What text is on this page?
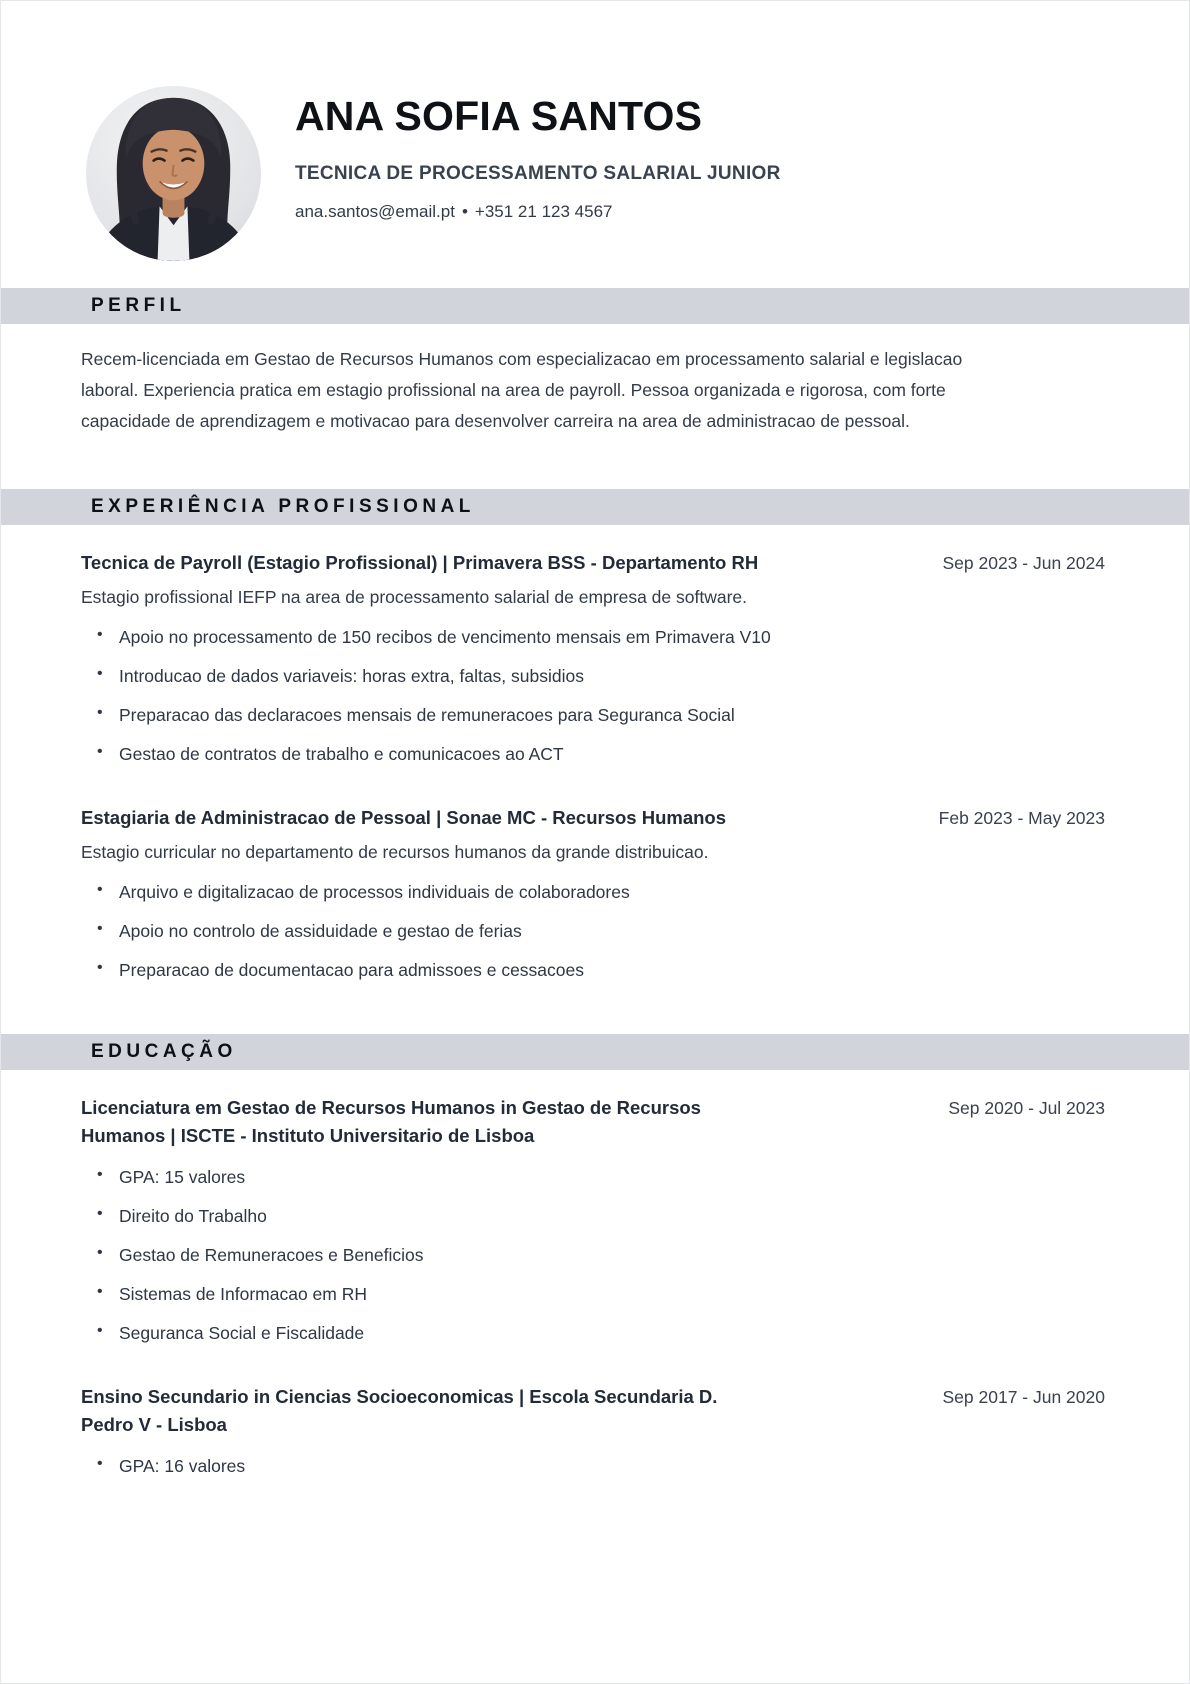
ANA SOFIA SANTOS
TECNICA DE PROCESSAMENTO SALARIAL JUNIOR
ana.santos@email.pt • +351 21 123 4567
PERFIL

Recem-licenciada em Gestao de Recursos Humanos com especializacao em processamento salarial e legislacao laboral. Experiencia pratica em estagio profissional na area de payroll. Pessoa organizada e rigorosa, com forte capacidade de aprendizagem e motivacao para desenvolver carreira na area de administracao de pessoal.

EXPERIÊNCIA PROFISSIONAL
Tecnica de Payroll (Estagio Profissional) | Primavera BSS - Departamento RH	Sep 2023 - Jun 2024
Estagio profissional IEFP na area de processamento salarial de empresa de software.
• Apoio no processamento de 150 recibos de vencimento mensais em Primavera V10
• Introducao de dados variaveis: horas extra, faltas, subsidios
• Preparacao das declaracoes mensais de remuneracoes para Seguranca Social
• Gestao de contratos de trabalho e comunicacoes ao ACT
Estagiaria de Administracao de Pessoal | Sonae MC - Recursos Humanos	Feb 2023 - May 2023
Estagio curricular no departamento de recursos humanos da grande distribuicao.
• Arquivo e digitalizacao de processos individuais de colaboradores
• Apoio no controlo de assiduidade e gestao de ferias
• Preparacao de documentacao para admissoes e cessacoes
EDUCAÇÃO
Licenciatura em Gestao de Recursos Humanos in Gestao de Recursos Humanos | ISCTE - Instituto Universitario de Lisboa
Sep 2020 - Jul 2023
• GPA: 15 valores
• Direito do Trabalho
• Gestao de Remuneracoes e Beneficios
• Sistemas de Informacao em RH
• Seguranca Social e Fiscalidade
Ensino Secundario in Ciencias Socioeconomicas | Escola Secundaria D. Pedro V - Lisboa
Sep 2017 - Jun 2020
• GPA: 16 valores
